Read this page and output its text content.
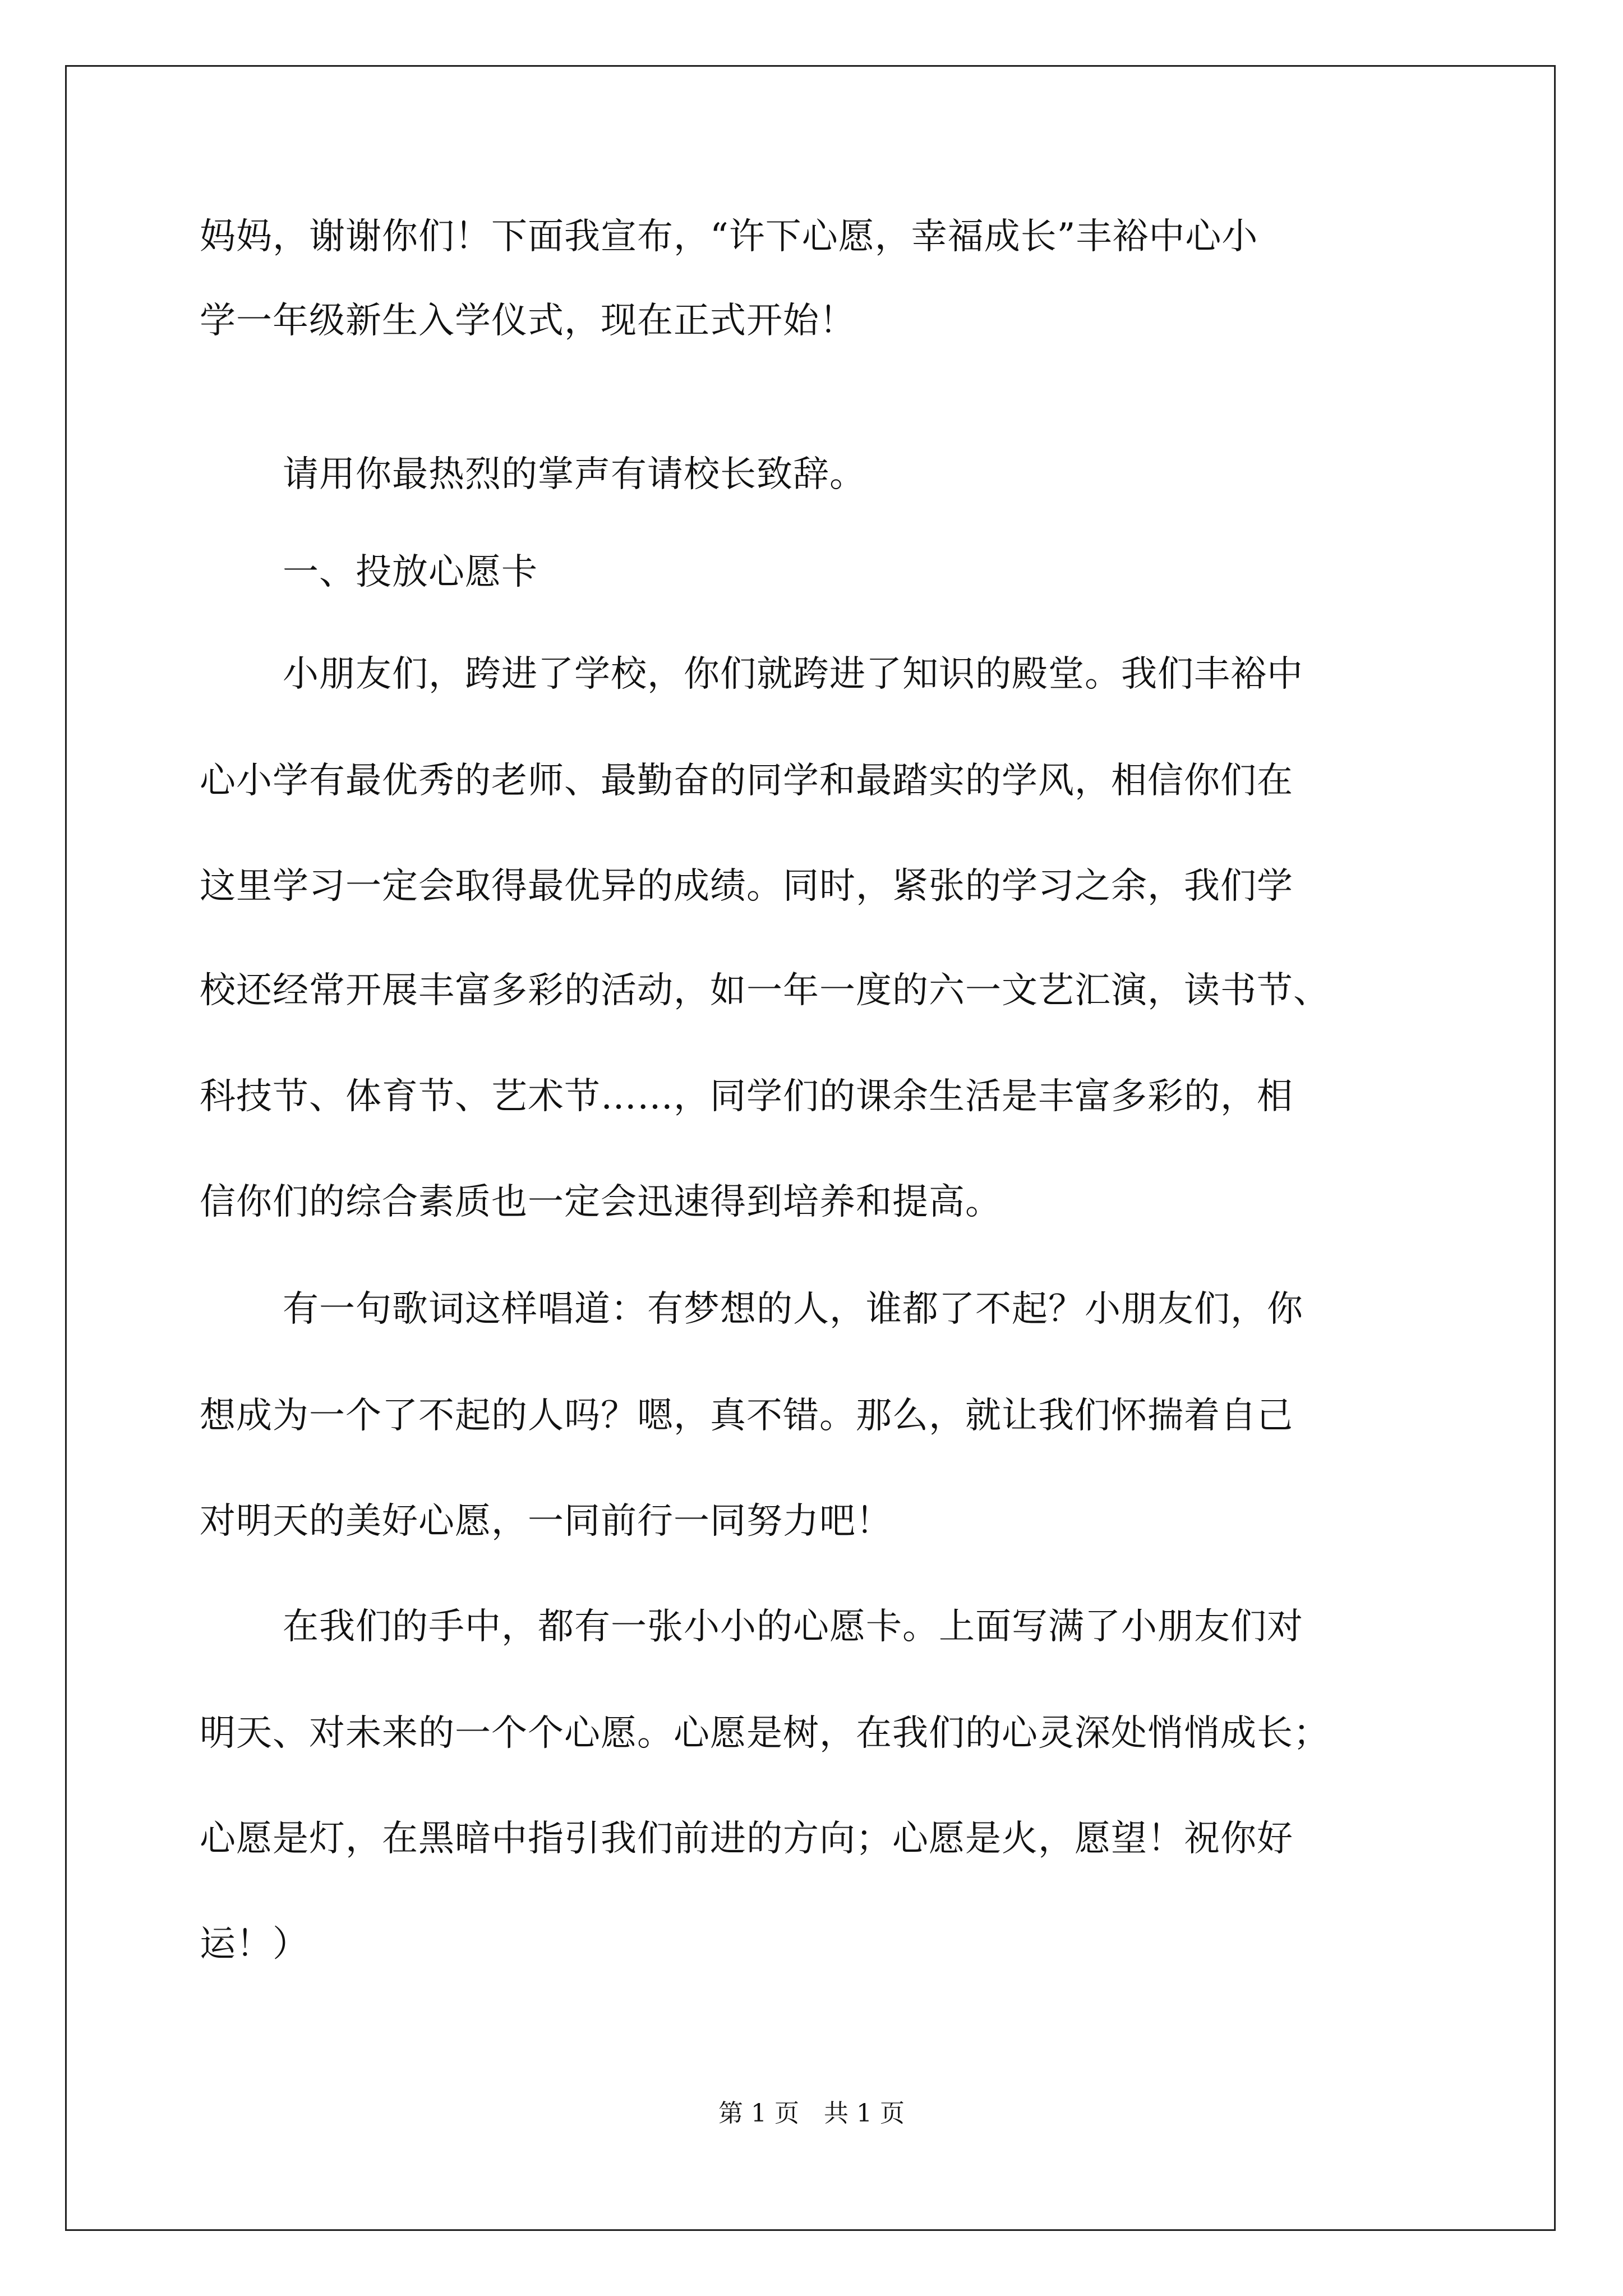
妈妈，谢谢你们！下面我宣布，“许下心愿，幸福成长”丰裕中心小
学一年级新生入学仪式，现在正式开始！
请用你最热烈的掌声有请校长致辞。
一、投放心愿卡
小朋友们，跨进了学校，你们就跨进了知识的殿堂。我们丰裕中
心小学有最优秀的老师、最勤奋的同学和最踏实的学风，相信你们在
这里学习一定会取得最优异的成绩。同时，紧张的学习之余，我们学
校还经常开展丰富多彩的活动，如一年一度的六一文艺汇演，读书节、
科技节、体育节、艺术节……，同学们的课余生活是丰富多彩的，相
信你们的综合素质也一定会迅速得到培养和提高。
有一句歌词这样唱道：有梦想的人，谁都了不起？小朋友们，你
想成为一个了不起的人吗？嗯，真不错。那么，就让我们怀揣着自己
对明天的美好心愿，一同前行一同努力吧！
在我们的手中，都有一张小小的心愿卡。上面写满了小朋友们对
明天、对未来的一个个心愿。心愿是树，在我们的心灵深处悄悄成长；
心愿是灯，在黑暗中指引我们前进的方向；心愿是火，愿望！祝你好
运！）
第 1 页　共 1 页
